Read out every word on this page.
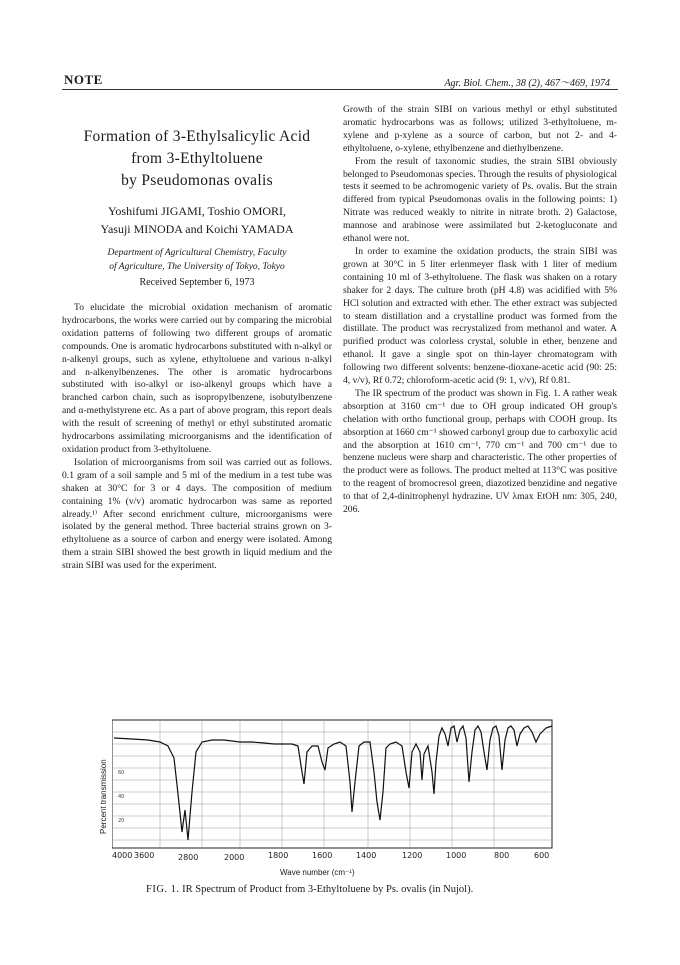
NOTE	Agr. Biol. Chem., 38 (2), 467～469, 1974
Formation of 3-Ethylsalicylic Acid
from 3-Ethyltoluene
by Pseudomonas ovalis
Yoshifumi JIGAMI, Toshio OMORI,
Yasuji MINODA and Koichi YAMADA
Department of Agricultural Chemistry, Faculty
of Agriculture, The University of Tokyo, Tokyo
Received September 6, 1973

To elucidate the microbial oxidation mechanism of aromatic hydrocarbons, the works were carried out by comparing the microbial oxidation patterns of following two different groups of aromatic compounds. One is aromatic hydrocarbons substituted with n-alkyl or n-alkenyl groups, such as xylene, ethyltoluene and various n-alkyl and n-alkenylbenzenes. The other is aromatic hydrocarbons substituted with iso-alkyl or iso-alkenyl groups which have a branched carbon chain, such as isopropylbenzene, isobutylbenzene and α-methylstyrene etc. As a part of above program, this report deals with the result of screening of methyl or ethyl substituted aromatic hydrocarbons assimilating microorganisms and the identification of oxidation product from 3-ethyltoluene.

Isolation of microorganisms from soil was carried out as follows. 0.1 gram of a soil sample and 5 ml of the medium in a test tube was shaken at 30°C for 3 or 4 days. The composition of medium containing 1% (v/v) aromatic hydrocarbon was same as reported already.¹⁾ After second enrichment culture, microorganisms were isolated by the general method. Three bacterial strains grown on 3-ethyltoluene as a source of carbon and energy were isolated. Among them a strain SIBI showed the best growth in liquid medium and the strain SIBI was used for the experiment.

Growth of the strain SIBI on various methyl or ethyl substituted aromatic hydrocarbons was as follows; utilized 3-ethyltoluene, m-xylene and p-xylene as a source of carbon, but not 2- and 4-ethyltoluene, o-xylene, ethylbenzene and diethylbenzene.

From the result of taxonomic studies, the strain SIBI obviously belonged to Pseudomonas species. Through the results of physiological tests it seemed to be achromogenic variety of Ps. ovalis. But the strain differed from typical Pseudomonas ovalis in the following points: 1) Nitrate was reduced weakly to nitrite in nitrate broth. 2) Galactose, mannose and arabinose were assimilated but 2-ketogluconate and ethanol were not.

In order to examine the oxidation products, the strain SIBI was grown at 30°C in 5 liter erlenmeyer flask with 1 liter of medium containing 10 ml of 3-ethyltoluene. The flask was shaken on a rotary shaker for 2 days. The culture broth (pH 4.8) was acidified with 5% HCl solution and extracted with ether. The ether extract was subjected to steam distillation and a crystalline product was formed from the distillate. The product was recrystalized from methanol and water. A purified product was colorless crystal, soluble in ether, benzene and ethanol. It gave a single spot on thin-layer chromatogram with following two different solvents: benzene-dioxane-acetic acid (90: 25: 4, v/v), Rf 0.72; chloroform-acetic acid (9: 1, v/v), Rf 0.81.

The IR spectrum of the product was shown in Fig. 1. A rather weak absorption at 3160 cm⁻¹ due to OH group indicated OH group's chelation with ortho functional group, perhaps with COOH group. Its absorption at 1660 cm⁻¹ showed carbonyl group due to carboxylic acid and the absorption at 1610 cm⁻¹, 770 cm⁻¹ and 700 cm⁻¹ due to benzene nucleus were sharp and characteristic. The other properties of the product were as follows. The product melted at 113°C was positive to the reagent of bromocresol green, diazotized benzidine and negative to that of 2,4-dinitrophenyl hydrazine. UV λmax EtOH nm: 305, 240, 206.

Percent transmission 60
40
20
4000 3600	2800	2000	1800	1600	1400	1200	1000	800	600
Wave number (cm⁻¹)
FIG. 1. IR Spectrum of Product from 3-Ethyltoluene by Ps. ovalis (in Nujol).
